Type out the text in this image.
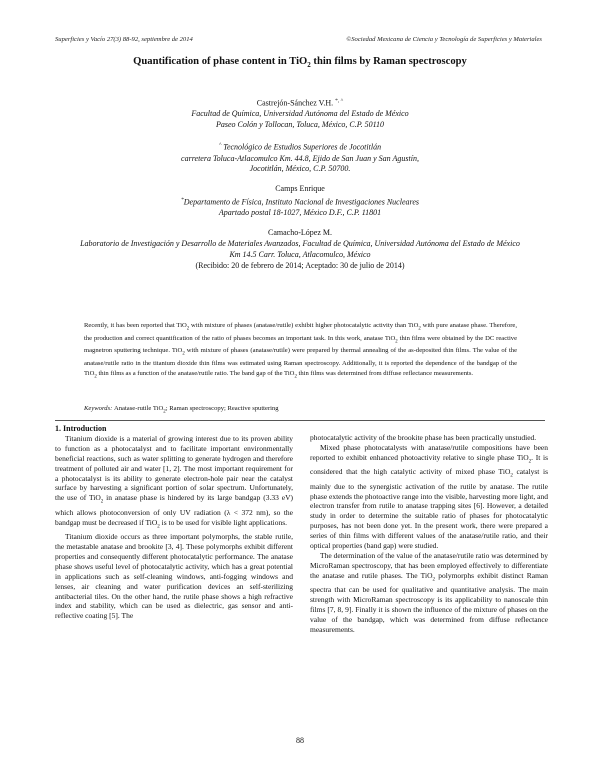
Superficies y Vacío 27(3) 88-92, septiembre de 2014	©Sociedad Mexicana de Ciencia y Tecnología de Superficies y Materiales
Quantification of phase content in TiO$_2$ thin films by Raman spectroscopy
Castrejón-Sánchez V.H. *, ^
Facultad de Química, Universidad Autónoma del Estado de México
Paseo Colón y Tollocan, Toluca, México, C.P. 50110
^ Tecnológico de Estudios Superiores de Jocotitlán
carretera Toluca-Atlacomulco Km. 44.8, Ejido de San Juan y San Agustín,
Jocotitlán, México, C.P. 50700.
Camps Enrique
*Departamento de Física, Instituto Nacional de Investigaciones Nucleares
Apartado postal 18-1027, México D.F., C.P. 11801
Camacho-López M.
Laboratorio de Investigación y Desarrollo de Materiales Avanzados, Facultad de Química, Universidad Autónoma del Estado de México
Km 14.5 Carr. Toluca, Atlacomulco, México
(Recibido: 20 de febrero de 2014; Aceptado: 30 de julio de 2014)
Recently, it has been reported that TiO$_2$ with mixture of phases (anatase/rutile) exhibit higher photocatalytic activity than TiO$_2$ with pure anatase phase. Therefore, the production and correct quantification of the ratio of phases becomes an important task. In this work, anatase TiO$_2$ thin films were obtained by the DC reactive magnetron sputtering technique. TiO$_2$ with mixture of phases (anatase/rutile) were prepared by thermal annealing of the as-deposited thin films. The value of the anatase/rutile ratio in the titanium dioxide thin films was estimated using Raman spectroscopy. Additionally, it is reported the dependence of the bandgap of the TiO$_2$ thin films as a function of the anatase/rutile ratio. The band gap of the TiO$_2$ thin films was determined from diffuse reflectance measurements.
Keywords: Anatase-rutile TiO$_2$; Raman spectroscopy; Reactive sputtering

1. Introduction

Titanium dioxide is a material of growing interest due to its proven ability to function as a photocatalyst and to facilitate important environmentally beneficial reactions, such as water splitting to generate hydrogen and therefore treatment of polluted air and water [1, 2]. The most important requirement for a photocatalyst is its ability to generate electron-hole pair near the catalyst surface by harvesting a significant portion of solar spectrum. Unfortunately, the use of TiO$_2$ in anatase phase is hindered by its large bandgap (3.33 eV) which allows photoconversion of only UV radiation (λ < 372 nm), so the bandgap must be decreased if TiO$_2$ is to be used for visible light applications.

Titanium dioxide occurs as three important polymorphs, the stable rutile, the metastable anatase and brookite [3, 4]. These polymorphs exhibit different properties and consequently different photocatalytic performance. The anatase phase shows useful level of photocatalytic activity, which has a great potential in applications such as self-cleaning windows, anti-fogging windows and lenses, air cleaning and water purification devices an self-sterilizing antibacterial tiles. On the other hand, the rutile phase shows a high refractive index and stability, which can be used as dielectric, gas sensor and anti-reflective coating [5]. The

photocatalytic activity of the brookite phase has been practically unstudied.

Mixed phase photocatalysts with anatase/rutile compositions have been reported to exhibit enhanced photoactivity relative to single phase TiO$_2$. It is considered that the high catalytic activity of mixed phase TiO$_2$ catalyst is mainly due to the synergistic activation of the rutile by anatase. The rutile phase extends the photoactive range into the visible, harvesting more light, and electron transfer from rutile to anatase trapping sites [6]. However, a detailed study in order to determine the suitable ratio of phases for photocatalytic purposes, has not been done yet. In the present work, there were prepared a series of thin films with different values of the anatase/rutile ratio, and their optical properties (band gap) were studied.

The determination of the value of the anatase/rutile ratio was determined by MicroRaman spectroscopy, that has been employed effectively to differentiate the anatase and rutile phases. The TiO$_2$ polymorphs exhibit distinct Raman spectra that can be used for qualitative and quantitative analysis. The main strength with MicroRaman spectroscopy is its applicability to nanoscale thin films [7, 8, 9]. Finally it is shown the influence of the mixture of phases on the value of the bandgap, which was determined from diffuse reflectance measurements.

88
